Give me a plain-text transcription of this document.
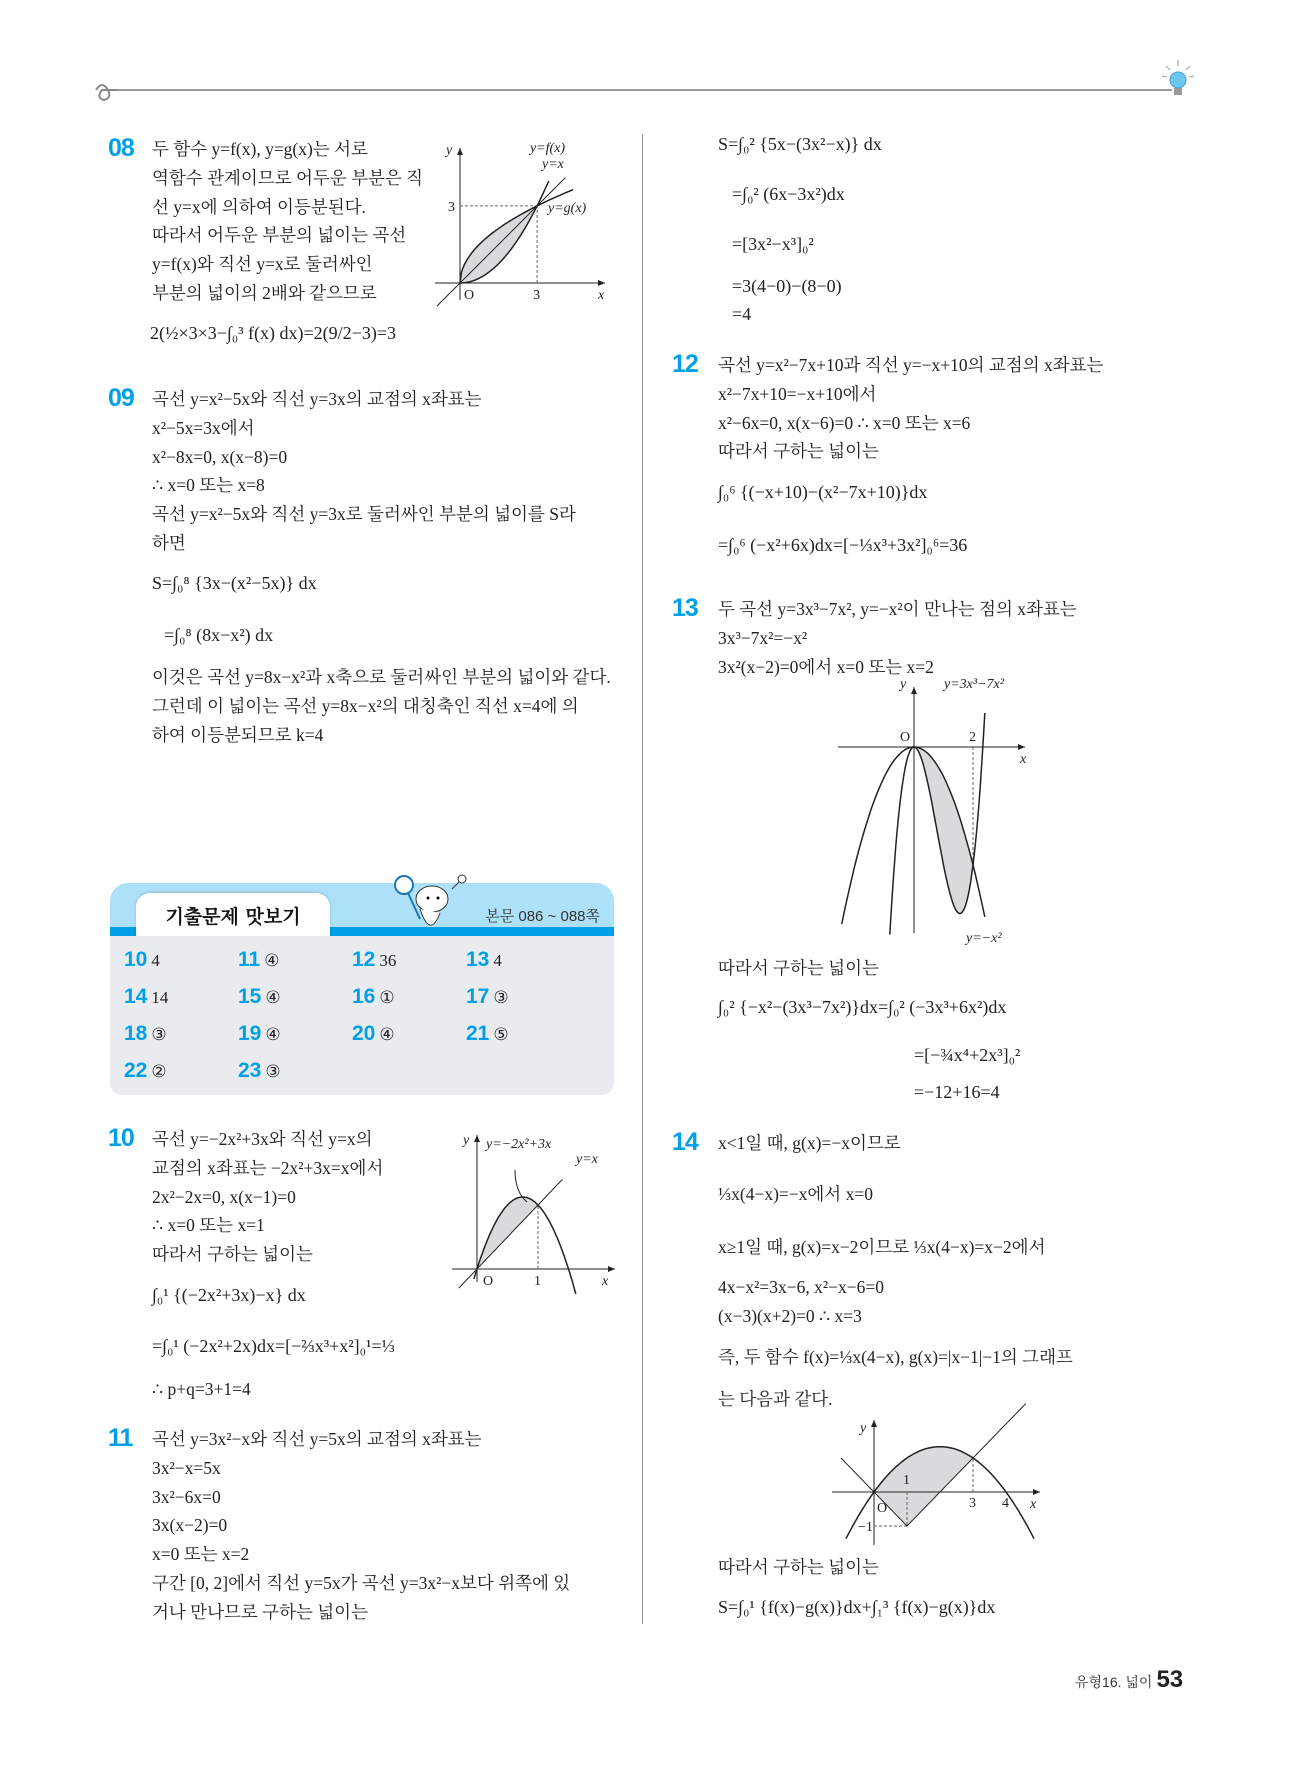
08 두 함수 y=f(x), y=g(x)는 서로
역함수 관계이므로 어두운 부분은 직
선 y=x에 의하여 이등분된다.
따라서 어두운 부분의 넓이는 곡선
y=f(x)와 직선 y=x로 둘러싸인
부분의 넓이의 2배와 같으므로
2(½×3×3−∫₀³ f(x) dx)=2(9/2−3)=3
O	3
3
y
x
y=f(x)
y=x
y=g(x)
09 곡선 y=x²−5x와 직선 y=3x의 교점의 x좌표는
x²−5x=3x에서
x²−8x=0, x(x−8)=0
∴ x=0 또는 x=8
곡선 y=x²−5x와 직선 y=3x로 둘러싸인 부분의 넓이를 S라
하면
S=∫₀⁸ {3x−(x²−5x)} dx
=∫₀⁸ (8x−x²) dx
이것은 곡선 y=8x−x²과 x축으로 둘러싸인 부분의 넓이와 같다.
그런데 이 넓이는 곡선 y=8x−x²의 대칭축인 직선 x=4에 의
하여 이등분되므로 k=4
기출문제 맛보기	본문 086 ~ 088쪽
10 4	11 ④	12 36	13 4
14 14	15 ④	16 ①	17 ③
18 ③	19 ④	20 ④	21 ⑤
22 ②	23 ③
10 곡선 y=−2x²+3x와 직선 y=x의
교점의 x좌표는 −2x²+3x=x에서
2x²−2x=0, x(x−1)=0
∴ x=0 또는 x=1
따라서 구하는 넓이는
∫₀¹ {(−2x²+3x)−x} dx
=∫₀¹ (−2x²+2x)dx=[−⅔x³+x²]₀¹=⅓
∴ p+q=3+1=4
O	1
y
x
y=−2x²+3x
y=x
11 곡선 y=3x²−x와 직선 y=5x의 교점의 x좌표는
3x²−x=5x
3x²−6x=0
3x(x−2)=0
x=0 또는 x=2
구간 [0, 2]에서 직선 y=5x가 곡선 y=3x²−x보다 위쪽에 있
거나 만나므로 구하는 넓이는
S=∫₀² {5x−(3x²−x)} dx
=∫₀² (6x−3x²)dx
=[3x²−x³]₀²
=3(4−0)−(8−0)
=4
12 곡선 y=x²−7x+10과 직선 y=−x+10의 교점의 x좌표는
x²−7x+10=−x+10에서
x²−6x=0, x(x−6)=0 ∴ x=0 또는 x=6
따라서 구하는 넓이는
∫₀⁶ {(−x+10)−(x²−7x+10)}dx
=∫₀⁶ (−x²+6x)dx=[−⅓x³+3x²]₀⁶=36
13 두 곡선 y=3x³−7x², y=−x²이 만나는 점의 x좌표는
3x³−7x²=−x²
3x²(x−2)=0에서 x=0 또는 x=2
O	2
y
x
y=3x³−7x²
y=−x²
따라서 구하는 넓이는
∫₀² {−x²−(3x³−7x²)}dx=∫₀² (−3x³+6x²)dx
=[−¾x⁴+2x³]₀²
=−12+16=4
14 x<1일 때, g(x)=−x이므로
⅓x(4−x)=−x에서 x=0
x≥1일 때, g(x)=x−2이므로 ⅓x(4−x)=x−2에서
4x−x²=3x−6, x²−x−6=0
(x−3)(x+2)=0 ∴ x=3
즉, 두 함수 f(x)=⅓x(4−x), g(x)=|x−1|−1의 그래프
는 다음과 같다.
O
1
3 4
−1
y
x
따라서 구하는 넓이는
S=∫₀¹ {f(x)−g(x)}dx+∫₁³ {f(x)−g(x)}dx
유형16. 넓이 53
